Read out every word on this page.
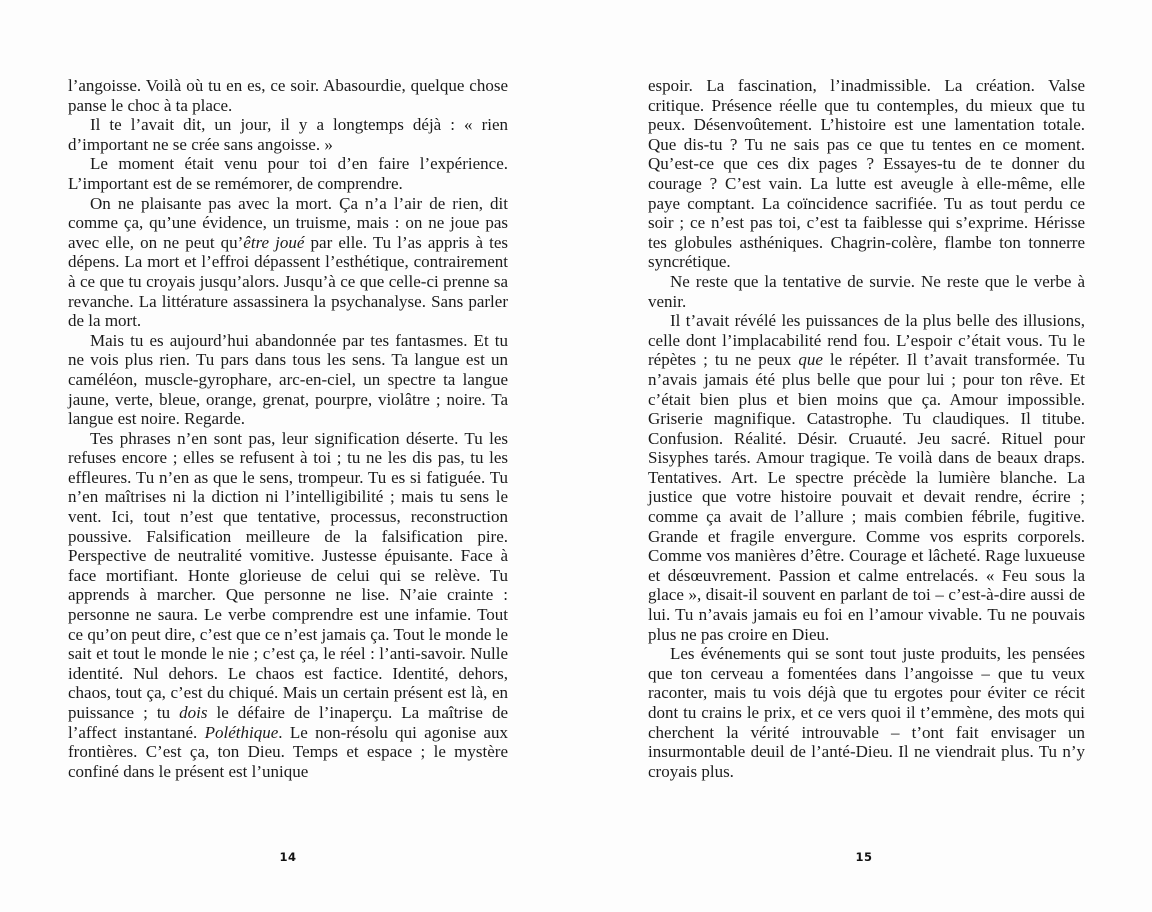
l’angoisse. Voilà où tu en es, ce soir. Abasourdie, quelque chose panse le choc à ta place.

Il te l’avait dit, un jour, il y a longtemps déjà : « rien d’important ne se crée sans angoisse. »

Le moment était venu pour toi d’en faire l’expérience. L’important est de se remémorer, de comprendre.

On ne plaisante pas avec la mort. Ça n’a l’air de rien, dit comme ça, qu’une évidence, un truisme, mais : on ne joue pas avec elle, on ne peut qu’être joué par elle. Tu l’as appris à tes dépens. La mort et l’effroi dépassent l’esthétique, contrairement à ce que tu croyais jusqu’alors. Jusqu’à ce que celle-ci prenne sa revanche. La littérature assassinera la psychanalyse. Sans parler de la mort.

Mais tu es aujourd’hui abandonnée par tes fantasmes. Et tu ne vois plus rien. Tu pars dans tous les sens. Ta langue est un caméléon, muscle-gyrophare, arc-en-ciel, un spectre ta langue jaune, verte, bleue, orange, grenat, pourpre, violâtre ; noire. Ta langue est noire. Regarde.

Tes phrases n’en sont pas, leur signification déserte. Tu les refuses encore ; elles se refusent à toi ; tu ne les dis pas, tu les effleures. Tu n’en as que le sens, trompeur. Tu es si fatiguée. Tu n’en maîtrises ni la diction ni l’intelligibilité ; mais tu sens le vent. Ici, tout n’est que tentative, processus, reconstruction poussive. Falsification meilleure de la falsification pire. Perspective de neutralité vomitive. Justesse épuisante. Face à face mortifiant. Honte glorieuse de celui qui se relève. Tu apprends à marcher. Que personne ne lise. N’aie crainte : personne ne saura. Le verbe comprendre est une infamie. Tout ce qu’on peut dire, c’est que ce n’est jamais ça. Tout le monde le sait et tout le monde le nie ; c’est ça, le réel : l’anti-savoir. Nulle identité. Nul dehors. Le chaos est factice. Identité, dehors, chaos, tout ça, c’est du chiqué. Mais un certain présent est là, en puissance ; tu dois le défaire de l’inaperçu. La maîtrise de l’affect instantané. Poléthique. Le non-résolu qui agonise aux frontières. C’est ça, ton Dieu. Temps et espace ; le mystère confiné dans le présent est l’unique

14

espoir. La fascination, l’inadmissible. La création. Valse critique. Présence réelle que tu contemples, du mieux que tu peux. Désenvoûtement. L’histoire est une lamentation totale. Que dis-tu ? Tu ne sais pas ce que tu tentes en ce moment. Qu’est-ce que ces dix pages ? Essayes-tu de te donner du courage ? C’est vain. La lutte est aveugle à elle-même, elle paye comptant. La coïncidence sacrifiée. Tu as tout perdu ce soir ; ce n’est pas toi, c’est ta faiblesse qui s’exprime. Hérisse tes globules asthéniques. Chagrin-colère, flambe ton tonnerre syncrétique.

Ne reste que la tentative de survie. Ne reste que le verbe à venir.

Il t’avait révélé les puissances de la plus belle des illusions, celle dont l’implacabilité rend fou. L’espoir c’était vous. Tu le répètes ; tu ne peux que le répéter. Il t’avait transformée. Tu n’avais jamais été plus belle que pour lui ; pour ton rêve. Et c’était bien plus et bien moins que ça. Amour impossible. Griserie magnifique. Catastrophe. Tu claudiques. Il titube. Confusion. Réalité. Désir. Cruauté. Jeu sacré. Rituel pour Sisyphes tarés. Amour tragique. Te voilà dans de beaux draps. Tentatives. Art. Le spectre précède la lumière blanche. La justice que votre histoire pouvait et devait rendre, écrire ; comme ça avait de l’allure ; mais combien fébrile, fugitive. Grande et fragile envergure. Comme vos esprits corporels. Comme vos manières d’être. Courage et lâcheté. Rage luxueuse et désœuvrement. Passion et calme entrelacés. « Feu sous la glace », disait-il souvent en parlant de toi – c’est-à-dire aussi de lui. Tu n’avais jamais eu foi en l’amour vivable. Tu ne pouvais plus ne pas croire en Dieu.

Les événements qui se sont tout juste produits, les pensées que ton cerveau a fomentées dans l’angoisse – que tu veux raconter, mais tu vois déjà que tu ergotes pour éviter ce récit dont tu crains le prix, et ce vers quoi il t’emmène, des mots qui cherchent la vérité introuvable – t’ont fait envisager un insurmontable deuil de l’anté-Dieu. Il ne viendrait plus. Tu n’y croyais plus.

15
